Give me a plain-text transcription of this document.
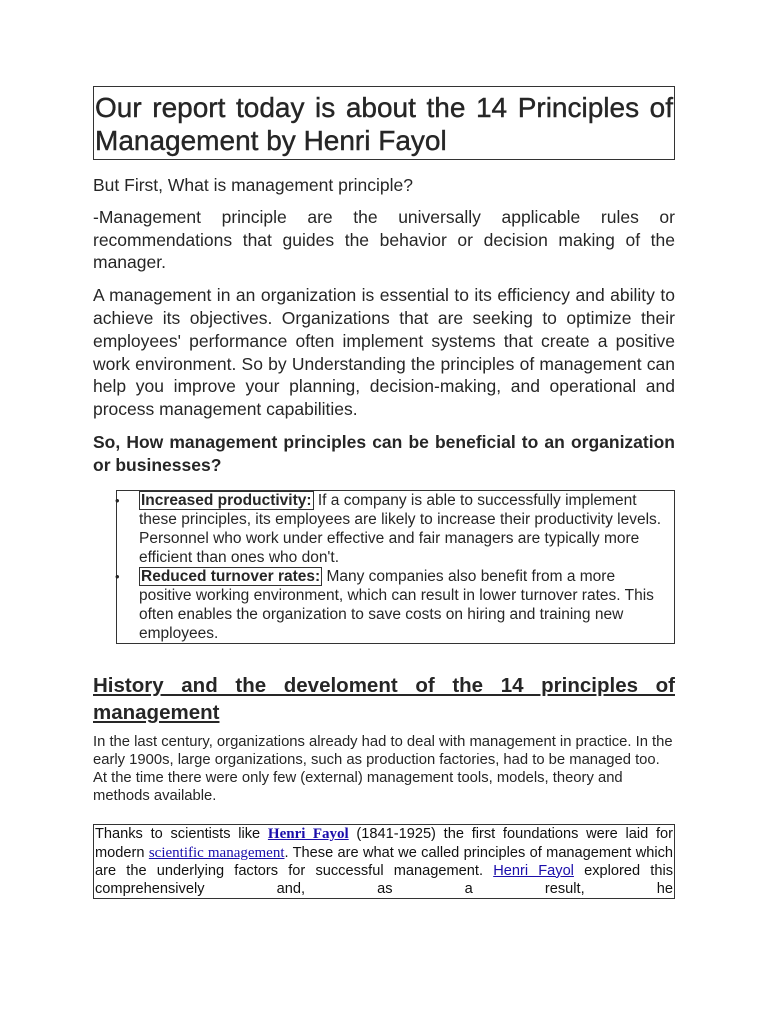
Our report today is about the 14 Principles of Management by Henri Fayol

But First, What is management principle?

-Management principle are the universally applicable rules or recommendations that guides the behavior or decision making of the manager.

A management in an organization is essential to its efficiency and ability to achieve its objectives. Organizations that are seeking to optimize their employees' performance often implement systems that create a positive work environment. So by Understanding the principles of management can help you improve your planning, decision-making, and operational and process management capabilities.

So, How management principles can be beneficial to an organization or businesses?

• Increased productivity: If a company is able to successfully implement these principles, its employees are likely to increase their productivity levels. Personnel who work under effective and fair managers are typically more efficient than ones who don't.
• Reduced turnover rates: Many companies also benefit from a more positive working environment, which can result in lower turnover rates. This often enables the organization to save costs on hiring and training new employees.
History and the develoment of the 14 principles of management

In the last century, organizations already had to deal with management in practice. In the early 1900s, large organizations, such as production factories, had to be managed too. At the time there were only few (external) management tools, models, theory and methods available.

Thanks to scientists like Henri Fayol (1841-1925) the first foundations were laid for modern scientific management. These are what we called principles of management which are the underlying factors for successful management. Henri Fayol explored this comprehensively and, as a result, he
